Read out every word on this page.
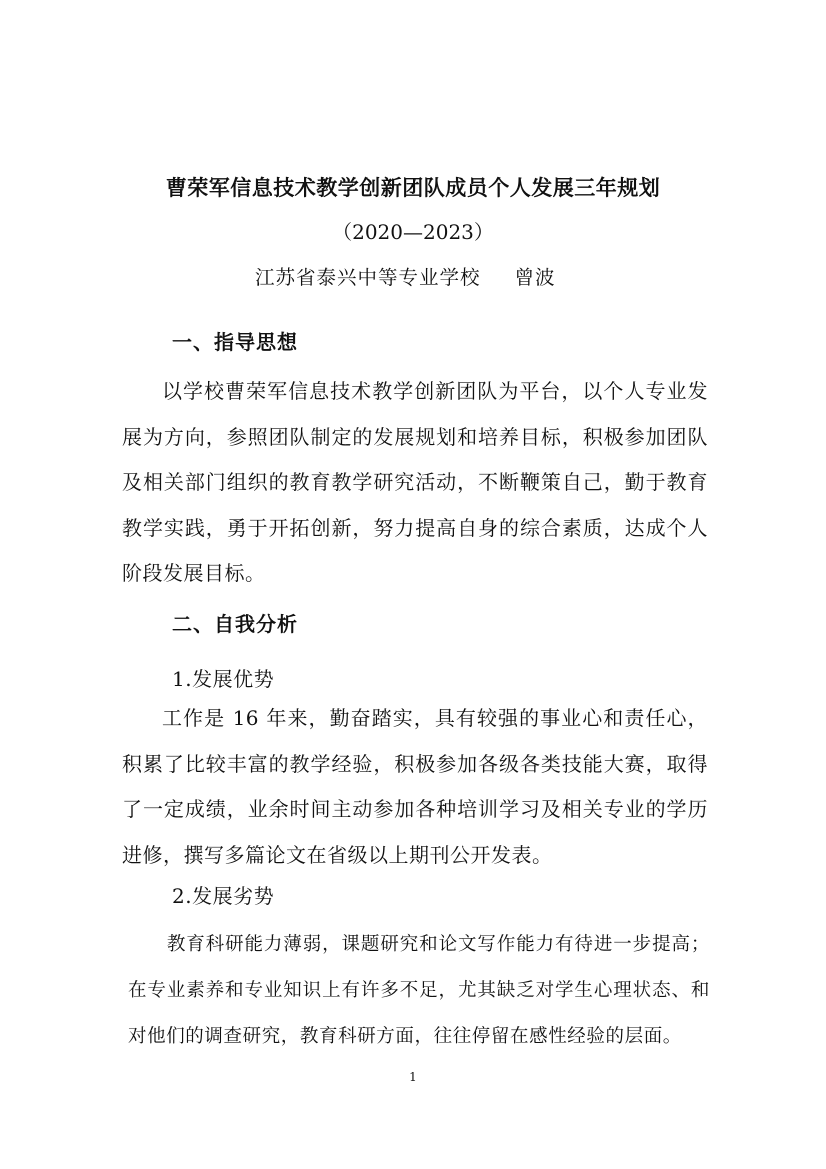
曹荣军信息技术教学创新团队成员个人发展三年规划
（2020—2023）
江苏省泰兴中等专业学校 曾波
一、指导思想
以学校曹荣军信息技术教学创新团队为平台，以个人专业发展为方向，参照团队制定的发展规划和培养目标，积极参加团队及相关部门组织的教育教学研究活动，不断鞭策自己，勤于教育教学实践，勇于开拓创新，努力提高自身的综合素质，达成个人阶段发展目标。
二、自我分析
1.发展优势
工作是 16 年来，勤奋踏实，具有较强的事业心和责任心，积累了比较丰富的教学经验，积极参加各级各类技能大赛，取得了一定成绩，业余时间主动参加各种培训学习及相关专业的学历进修，撰写多篇论文在省级以上期刊公开发表。
2.发展劣势
教育科研能力薄弱，课题研究和论文写作能力有待进一步提高；在专业素养和专业知识上有许多不足，尤其缺乏对学生心理状态、和对他们的调查研究，教育科研方面，往往停留在感性经验的层面。
1
